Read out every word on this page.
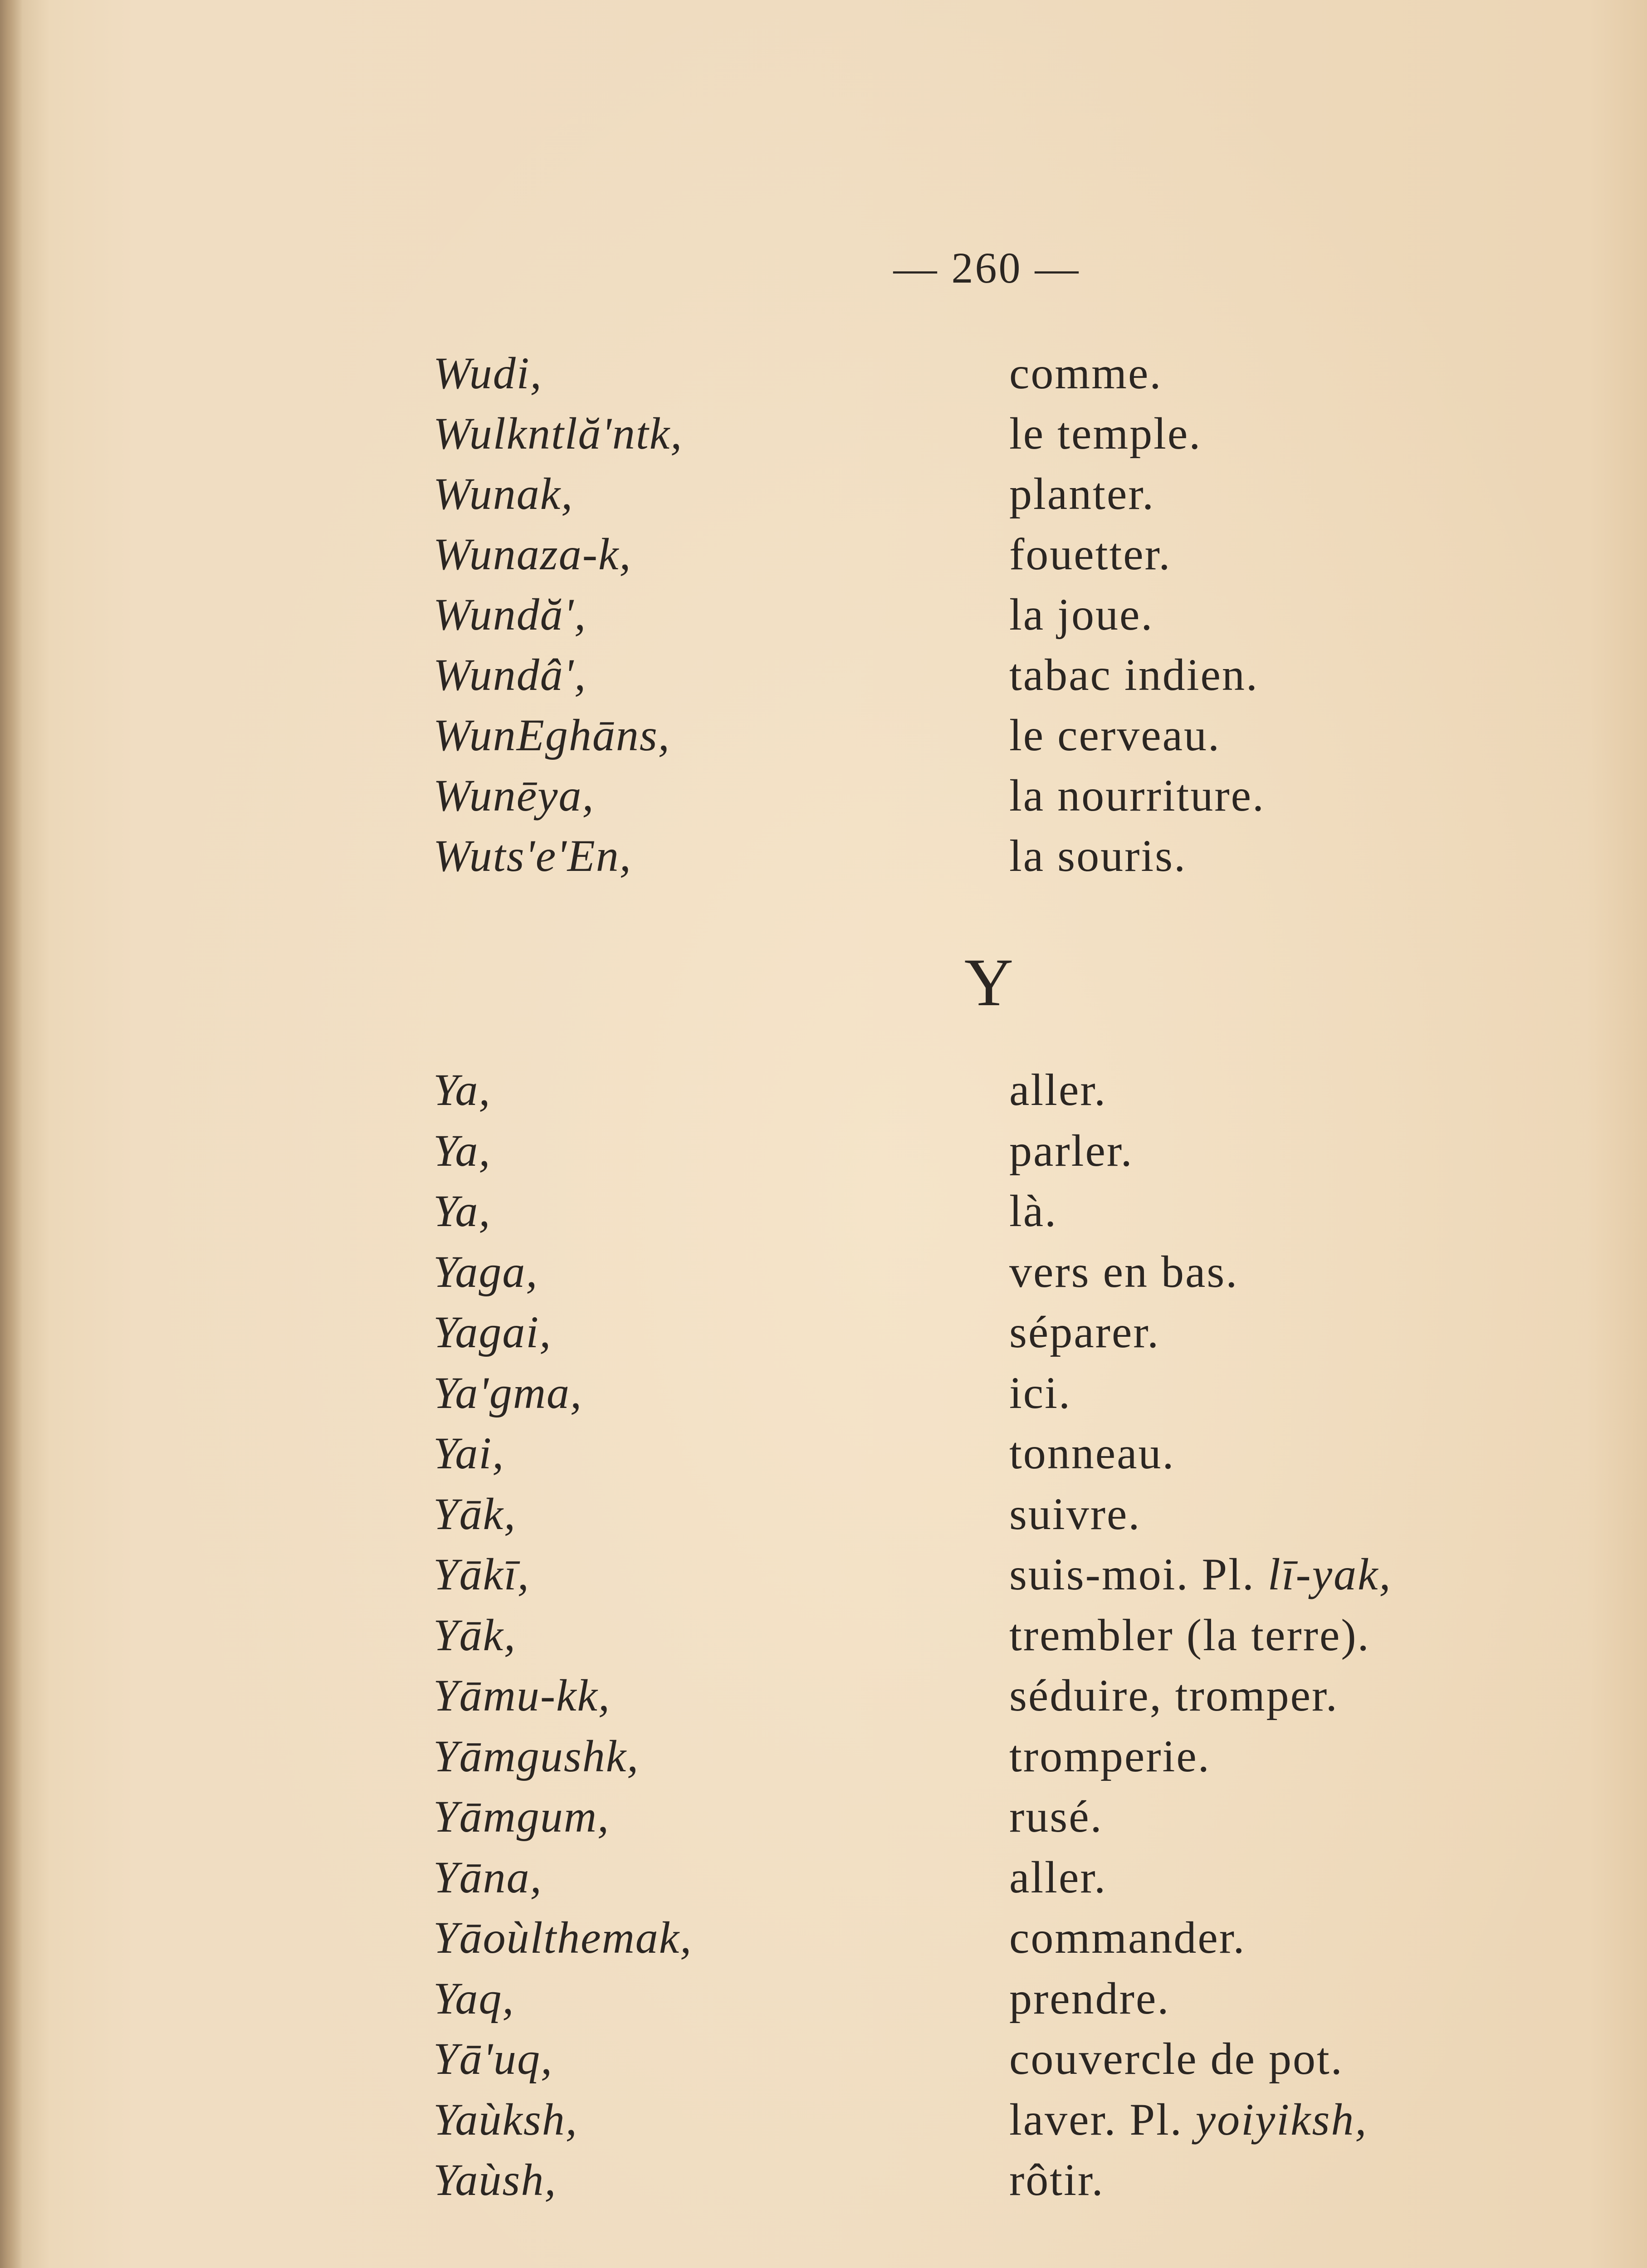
— 260 —
Wudi,	comme.
Wulkntlă'ntk,	le temple.
Wunak,	planter.
Wunaza-k,	fouetter.
Wundă',	la joue.
Wundâ',	tabac indien.
WunEghāns,	le cerveau.
Wunēya,	la nourriture.
Wuts'e'En,	la souris.
Y
Ya,	aller.
Ya,	parler.
Ya,	là.
Yaga,	vers en bas.
Yagai,	séparer.
Ya'gma,	ici.
Yai,	tonneau.
Yāk,	suivre.
Yākī,	suis-moi. Pl. lī-yak,
Yāk,	trembler (la terre).
Yāmu-kk,	séduire, tromper.
Yāmgushk,	tromperie.
Yāmgum,	rusé.
Yāna,	aller.
Yāoùlthemak,	commander.
Yaq,	prendre.
Yā'uq,	couvercle de pot.
Yaùksh,	laver. Pl. yoiyiksh,
Yaùsh,	rôtir.
